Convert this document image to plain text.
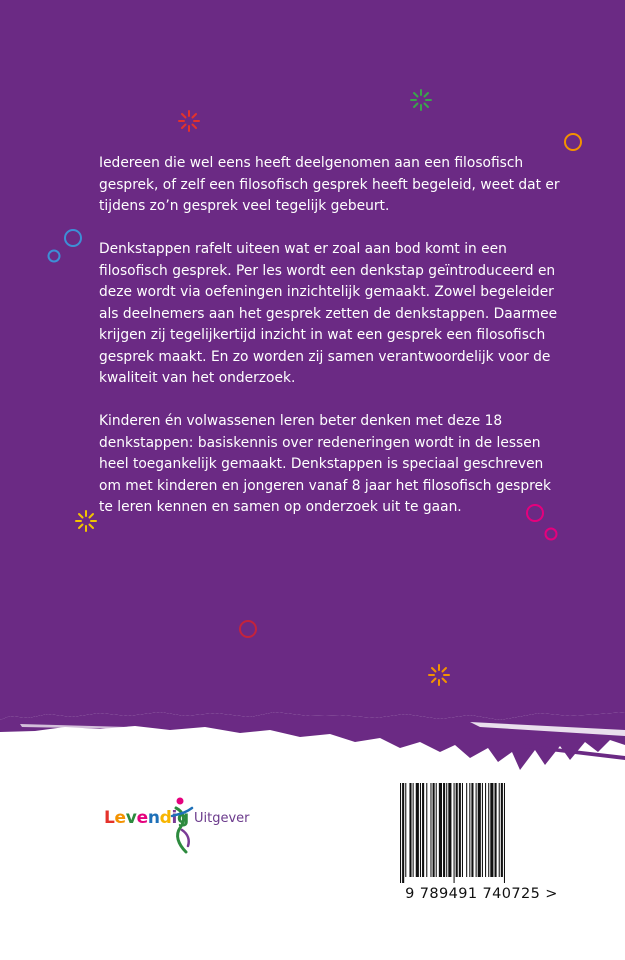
Iedereen die wel eens heeft deelgenomen aan een filosofisch gesprek, of zelf een filosofisch gesprek heeft begeleid, weet dat er tijdens zo’n gesprek veel tegelijk gebeurt.

Denkstappen rafelt uiteen wat er zoal aan bod komt in een filosofisch gesprek. Per les wordt een denkstap geïntroduceerd en deze wordt via oefeningen inzichtelijk gemaakt. Zowel begeleider als deelnemers aan het gesprek zetten de denkstappen. Daarmee krijgen zij tegelijkertijd inzicht in wat een gesprek een filosofisch gesprek maakt. En zo worden zij samen verantwoordelijk voor de kwaliteit van het onderzoek.

Kinderen én volwassenen leren beter denken met deze 18 denkstappen: basiskennis over redeneringen wordt in de lessen heel toegankelijk gemaakt. Denkstappen is speciaal geschreven om met kinderen en jongeren vanaf 8 jaar het filosofisch gesprek te leren kennen en samen op onderzoek uit te gaan.

Levendig Uitgever
9 789491 740725 >
